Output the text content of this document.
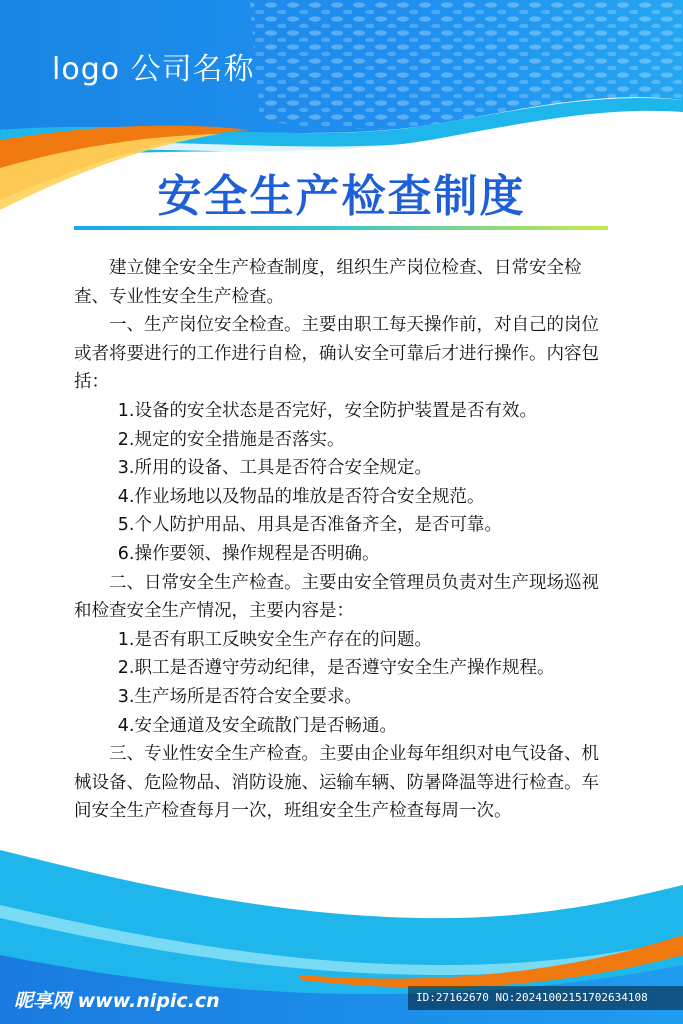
logo 公司名称
安全生产检查制度

建立健全安全生产检查制度，组织生产岗位检查、日常安全检查、专业性安全生产检查。

一、生产岗位安全检查。主要由职工每天操作前，对自己的岗位或者将要进行的工作进行自检，确认安全可靠后才进行操作。内容包括：

1.设备的安全状态是否完好，安全防护装置是否有效。

2.规定的安全措施是否落实。

3.所用的设备、工具是否符合安全规定。

4.作业场地以及物品的堆放是否符合安全规范。

5.个人防护用品、用具是否准备齐全，是否可靠。

6.操作要领、操作规程是否明确。

二、日常安全生产检查。主要由安全管理员负责对生产现场巡视和检查安全生产情况，主要内容是：

1.是否有职工反映安全生产存在的问题。

2.职工是否遵守劳动纪律，是否遵守安全生产操作规程。

3.生产场所是否符合安全要求。

4.安全通道及安全疏散门是否畅通。

三、专业性安全生产检查。主要由企业每年组织对电气设备、机械设备、危险物品、消防设施、运输车辆、防暑降温等进行检查。车间安全生产检查每月一次，班组安全生产检查每周一次。

昵享网 www.nipic.cn	ID:27162670 NO:20241002151702634108
